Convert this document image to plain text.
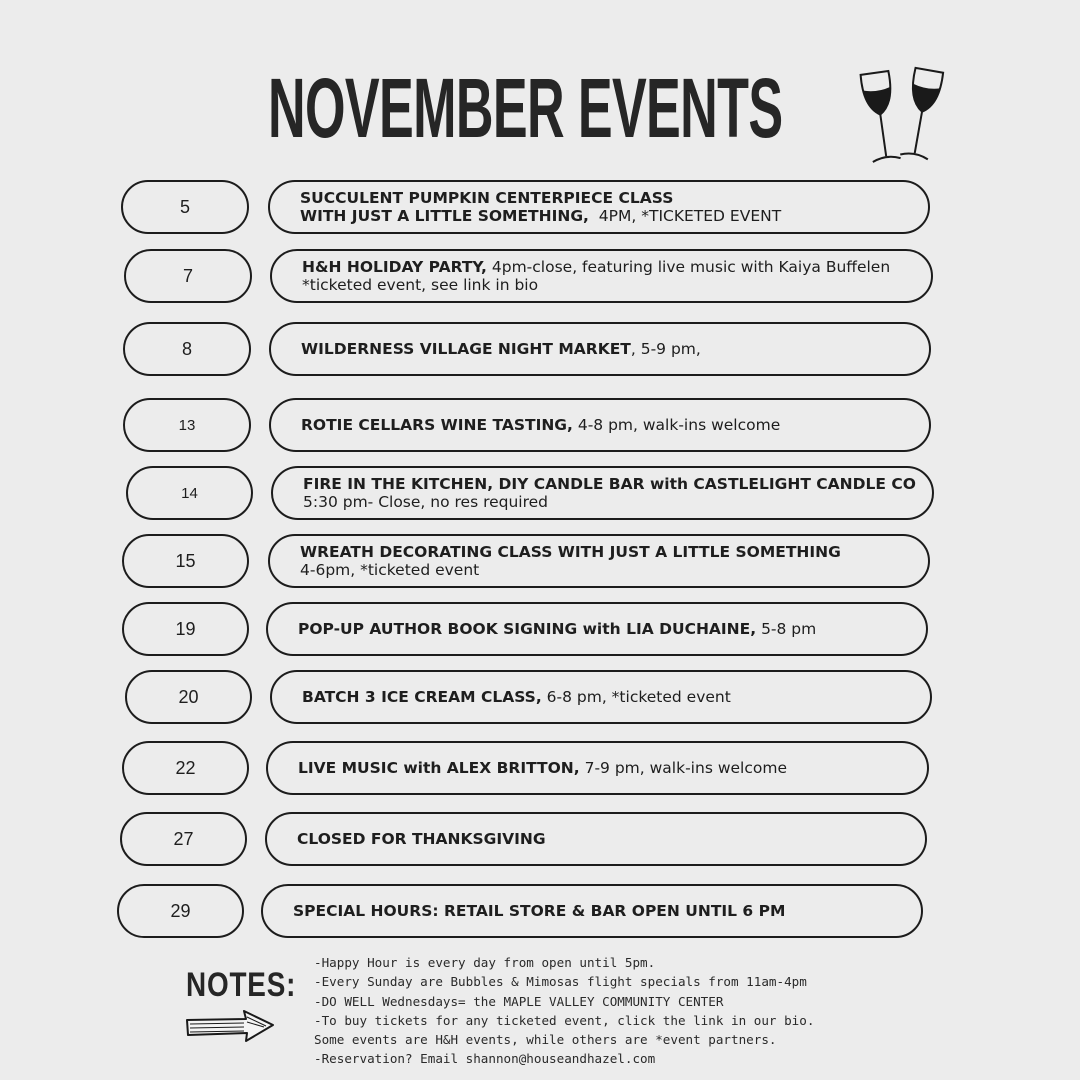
NOVEMBER EVENTS
5	SUCCULENT PUMPKIN CENTERPIECE CLASS
WITH JUST A LITTLE SOMETHING,  4PM, *TICKETED EVENT
7	H&H HOLIDAY PARTY, 4pm-close, featuring live music with Kaiya Buffelen
*ticketed event, see link in bio
8	WILDERNESS VILLAGE NIGHT MARKET, 5-9 pm,
13	ROTIE CELLARS WINE TASTING, 4-8 pm, walk-ins welcome
14	FIRE IN THE KITCHEN, DIY CANDLE BAR with CASTLELIGHT CANDLE CO
5:30 pm- Close, no res required
15	WREATH DECORATING CLASS WITH JUST A LITTLE SOMETHING
4-6pm, *ticketed event
19	POP-UP AUTHOR BOOK SIGNING with LIA DUCHAINE, 5-8 pm
20	BATCH 3 ICE CREAM CLASS, 6-8 pm, *ticketed event
22	LIVE MUSIC with ALEX BRITTON, 7-9 pm, walk-ins welcome
27	CLOSED FOR THANKSGIVING
29	SPECIAL HOURS: RETAIL STORE & BAR OPEN UNTIL 6 PM
NOTES:
-Happy Hour is every day from open until 5pm.
-Every Sunday are Bubbles & Mimosas flight specials from 11am-4pm
-DO WELL Wednesdays= the MAPLE VALLEY COMMUNITY CENTER
-To buy tickets for any ticketed event, click the link in our bio.
Some events are H&H events, while others are *event partners.
-Reservation? Email shannon@houseandhazel.com
